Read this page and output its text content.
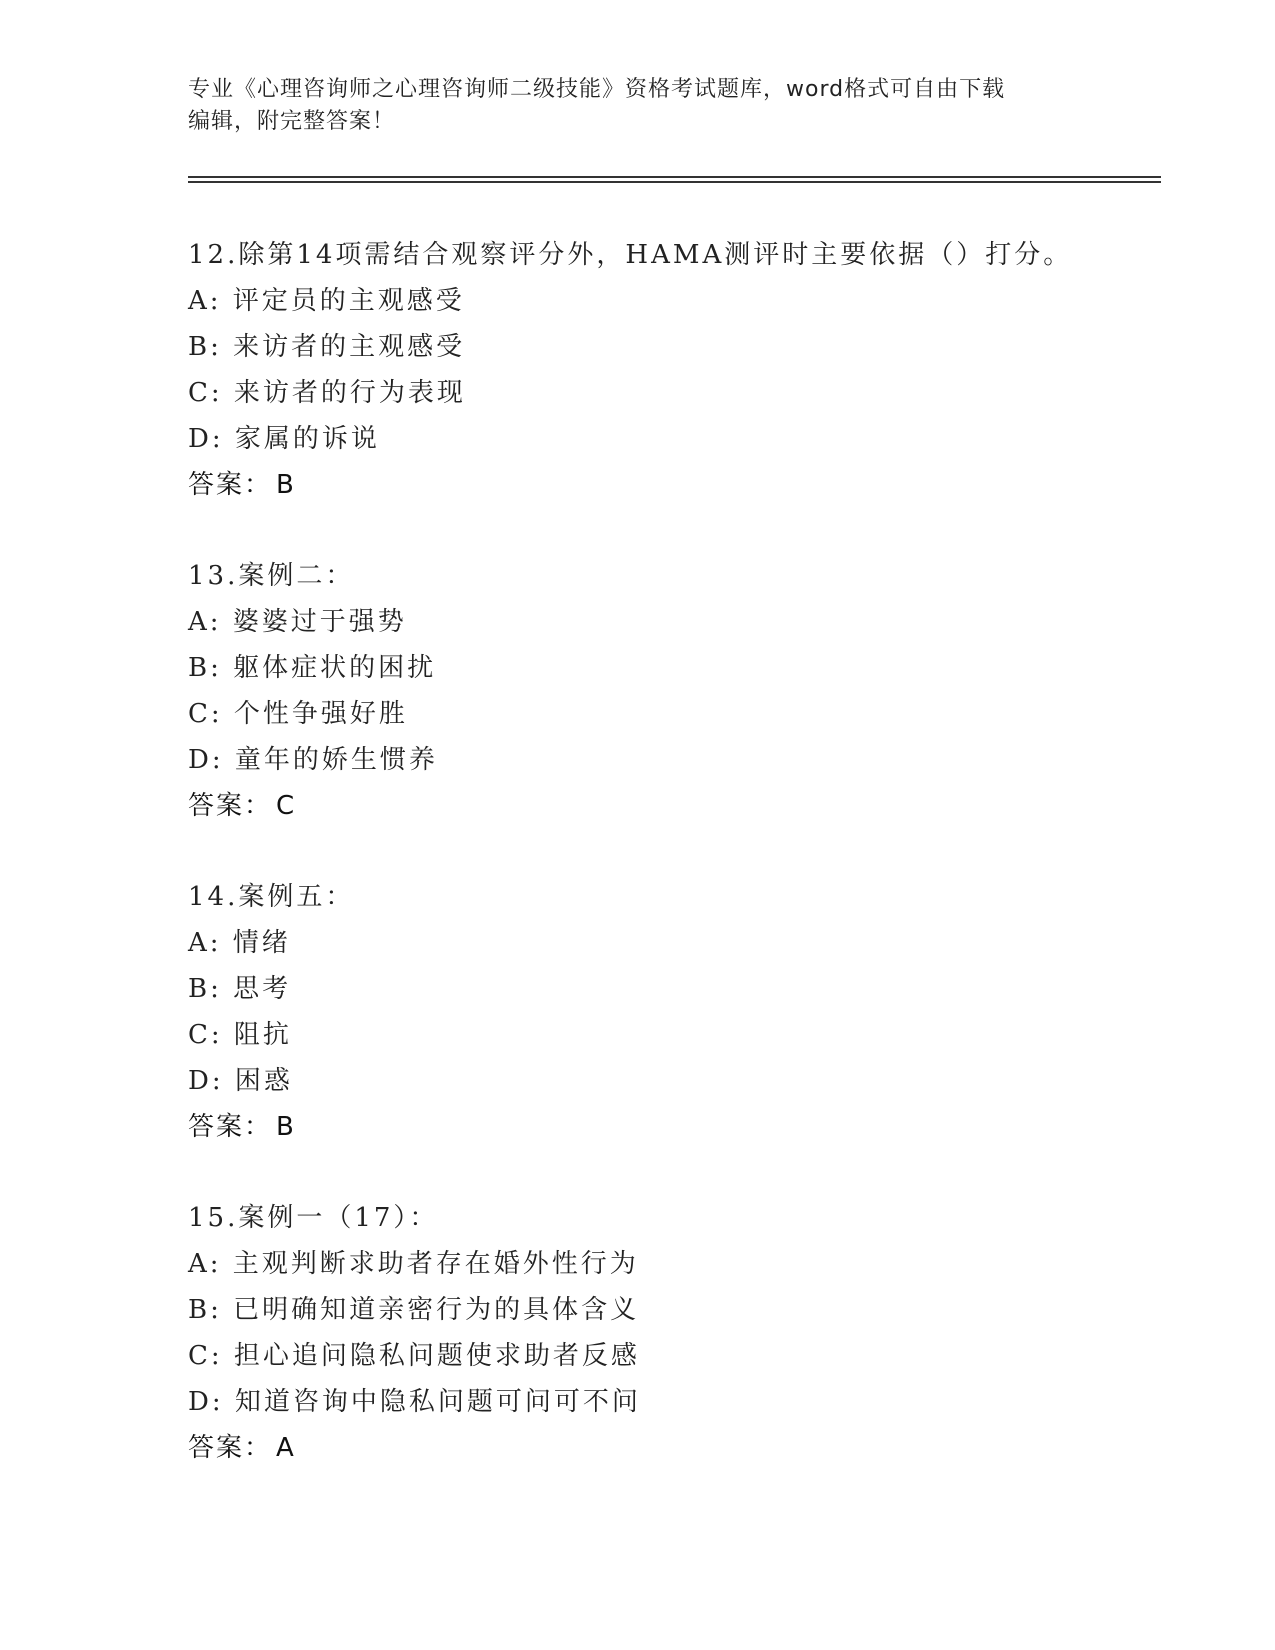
专业《心理咨询师之心理咨询师二级技能》资格考试题库，word格式可自由下载
编辑，附完整答案！
12.除第14项需结合观察评分外，HAMA测评时主要依据（）打分。
A: 评定员的主观感受
B: 来访者的主观感受
C: 来访者的行为表现
D: 家属的诉说
答案： B
13.案例二：
A: 婆婆过于强势
B: 躯体症状的困扰
C: 个性争强好胜
D: 童年的娇生惯养
答案： C
14.案例五：
A: 情绪
B: 思考
C: 阻抗
D: 困惑
答案： B
15.案例一（17）：
A: 主观判断求助者存在婚外性行为
B: 已明确知道亲密行为的具体含义
C: 担心追问隐私问题使求助者反感
D: 知道咨询中隐私问题可问可不问
答案： A
